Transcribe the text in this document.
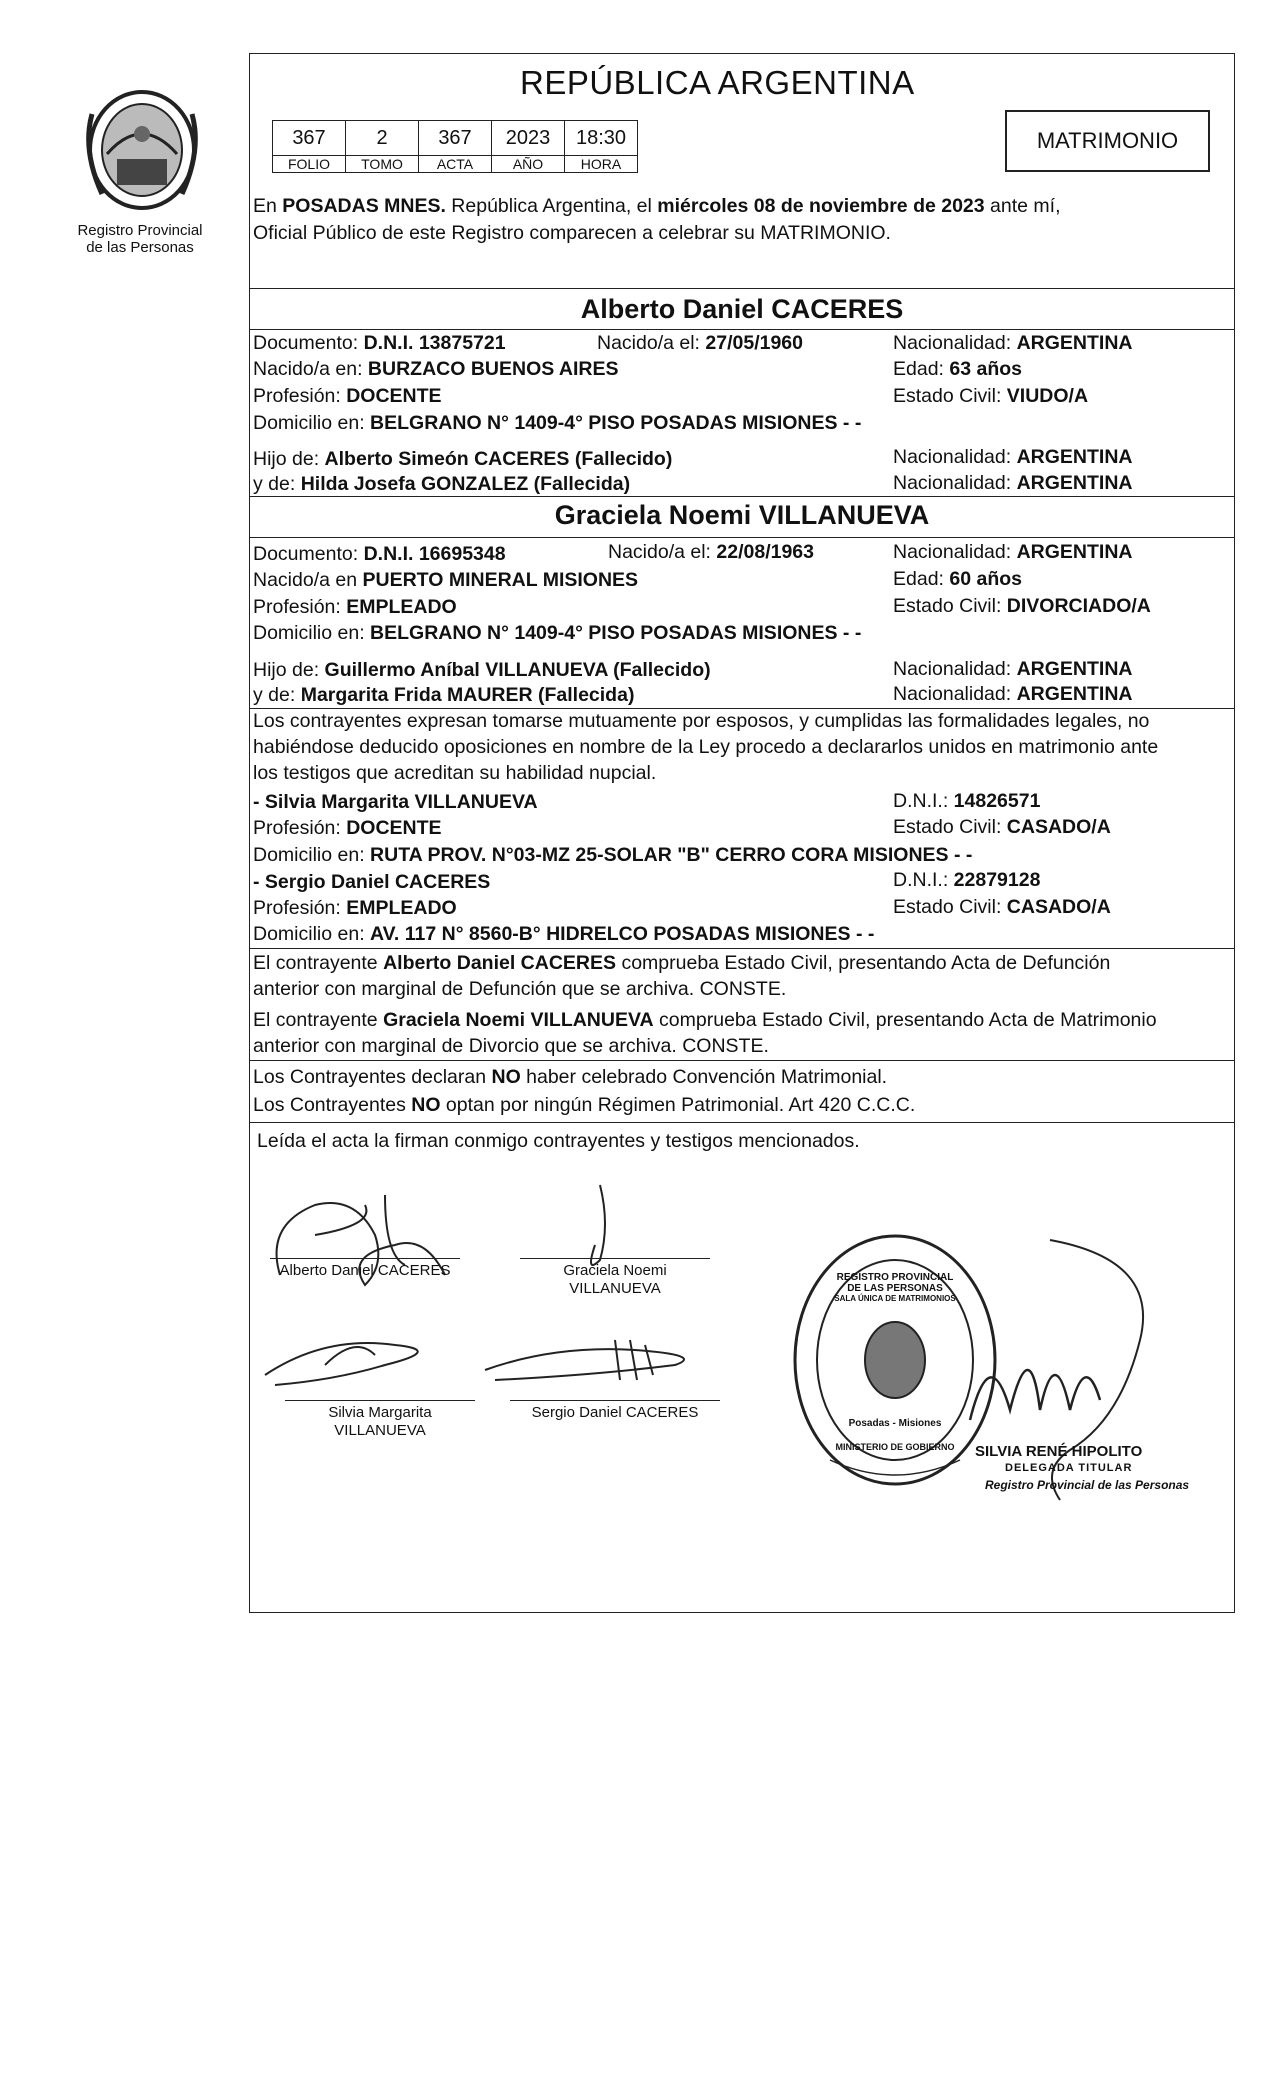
Registro Provincial
de las Personas
REPÚBLICA ARGENTINA
367	2	367	2023	18:30
FOLIO	TOMO	ACTA	AÑO	HORA
MATRIMONIO
En POSADAS MNES. República Argentina, el miércoles 08 de noviembre de 2023 ante mí,
Oficial Público de este Registro comparecen a celebrar su MATRIMONIO.
Alberto Daniel CACERES
Documento: D.N.I. 13875721	Nacido/a el: 27/05/1960	Nacionalidad: ARGENTINA
Nacido/a en: BURZACO BUENOS AIRES	Edad: 63 años
Profesión: DOCENTE	Estado Civil: VIUDO/A
Domicilio en: BELGRANO N° 1409-4° PISO POSADAS MISIONES - -
Hijo de: Alberto Simeón CACERES (Fallecido)	Nacionalidad: ARGENTINA
y de: Hilda Josefa GONZALEZ (Fallecida)	Nacionalidad: ARGENTINA
Graciela Noemi VILLANUEVA
Documento: D.N.I. 16695348	Nacido/a el: 22/08/1963	Nacionalidad: ARGENTINA
Nacido/a en PUERTO MINERAL MISIONES	Edad: 60 años
Profesión: EMPLEADO	Estado Civil: DIVORCIADO/A
Domicilio en: BELGRANO N° 1409-4° PISO POSADAS MISIONES - -
Hijo de: Guillermo Aníbal VILLANUEVA (Fallecido)	Nacionalidad: ARGENTINA
y de: Margarita Frida MAURER (Fallecida)	Nacionalidad: ARGENTINA
Los contrayentes expresan tomarse mutuamente por esposos, y cumplidas las formalidades legales, no
habiéndose deducido oposiciones en nombre de la Ley procedo a declararlos unidos en matrimonio ante
los testigos que acreditan su habilidad nupcial.
- Silvia Margarita VILLANUEVA	D.N.I.: 14826571
Profesión: DOCENTE	Estado Civil: CASADO/A
Domicilio en: RUTA PROV. N°03-MZ 25-SOLAR "B" CERRO CORA MISIONES - -
- Sergio Daniel CACERES	D.N.I.: 22879128
Profesión: EMPLEADO	Estado Civil: CASADO/A
Domicilio en: AV. 117 N° 8560-B° HIDRELCO POSADAS MISIONES - -
El contrayente Alberto Daniel CACERES comprueba Estado Civil, presentando Acta de Defunción
anterior con marginal de Defunción que se archiva. CONSTE.
El contrayente Graciela Noemi VILLANUEVA comprueba Estado Civil, presentando Acta de Matrimonio
anterior con marginal de Divorcio que se archiva. CONSTE.
Los Contrayentes declaran NO haber celebrado Convención Matrimonial.
Los Contrayentes NO optan por ningún Régimen Patrimonial. Art 420 C.C.C.
Leída el acta la firman conmigo contrayentes y testigos mencionados.
Alberto Daniel CACERES	Graciela Noemi
VILLANUEVA
Silvia Margarita
VILLANUEVA
Sergio Daniel CACERES
REGISTRO PROVINCIAL DE LAS PERSONAS
SALA ÚNICA DE MATRIMONIOS
Posadas - Misiones
MINISTERIO DE GOBIERNO	SILVIA RENÉ HIPOLITO
DELEGADA TITULAR
Registro Provincial de las Personas
